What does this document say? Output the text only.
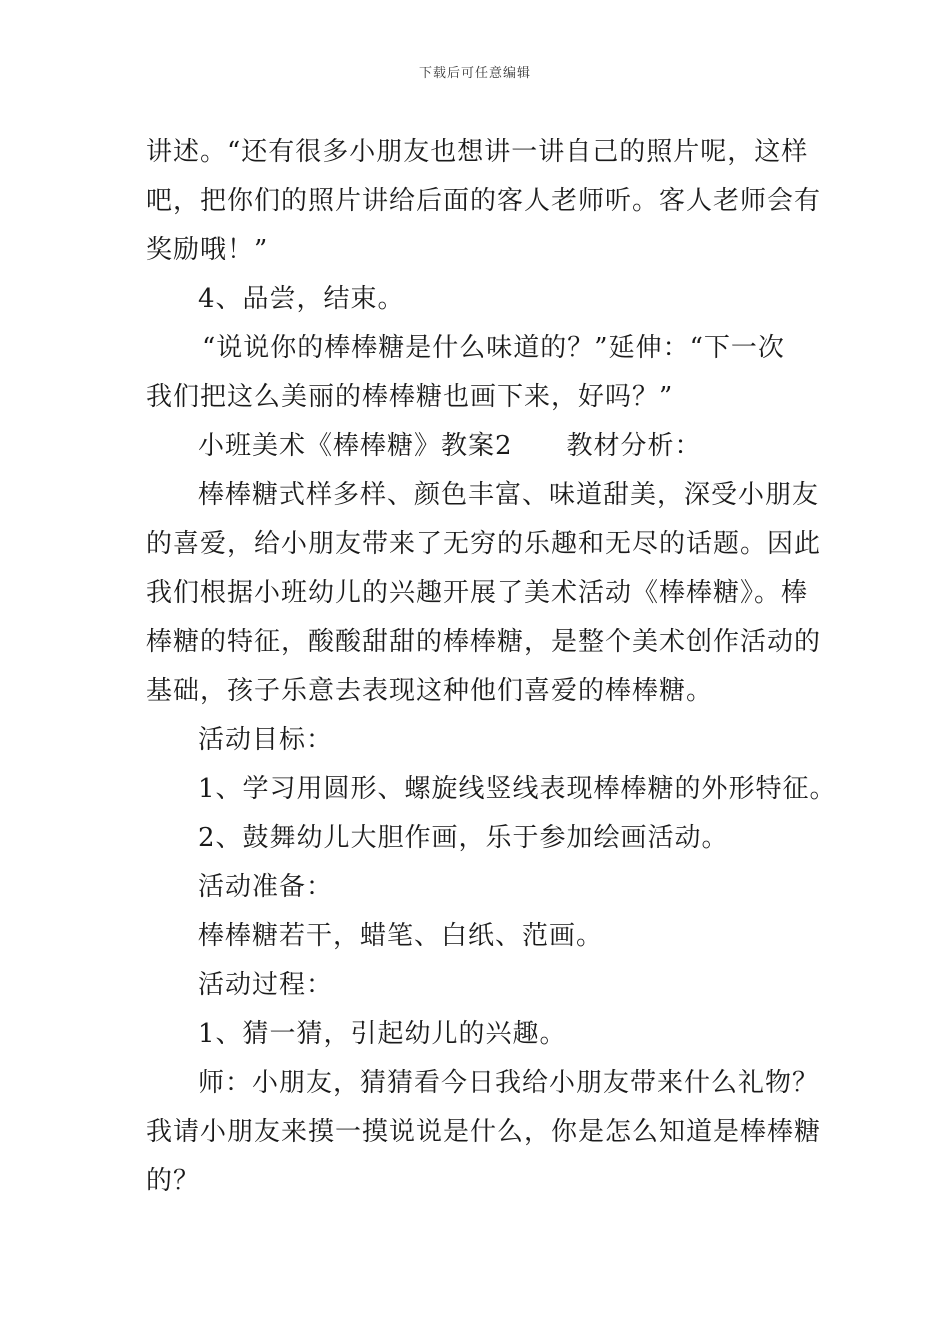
下载后可任意编辑
讲述。“还有很多小朋友也想讲一讲自己的照片呢，这样
吧，把你们的照片讲给后面的客人老师听。客人老师会有
奖励哦！”
4、品尝，结束。
“说说你的棒棒糖是什么味道的？”延伸：“下一次
我们把这么美丽的棒棒糖也画下来，好吗？”
小班美术《棒棒糖》教案2　　教材分析：
棒棒糖式样多样、颜色丰富、味道甜美，深受小朋友
的喜爱，给小朋友带来了无穷的乐趣和无尽的话题。因此
我们根据小班幼儿的兴趣开展了美术活动《棒棒糖》。棒
棒糖的特征，酸酸甜甜的棒棒糖，是整个美术创作活动的
基础，孩子乐意去表现这种他们喜爱的棒棒糖。
活动目标：
1、学习用圆形、螺旋线竖线表现棒棒糖的外形特征。
2、鼓舞幼儿大胆作画，乐于参加绘画活动。
活动准备：
棒棒糖若干，蜡笔、白纸、范画。
活动过程：
1、猜一猜，引起幼儿的兴趣。
师：小朋友，猜猜看今日我给小朋友带来什么礼物？
我请小朋友来摸一摸说说是什么，你是怎么知道是棒棒糖
的？
